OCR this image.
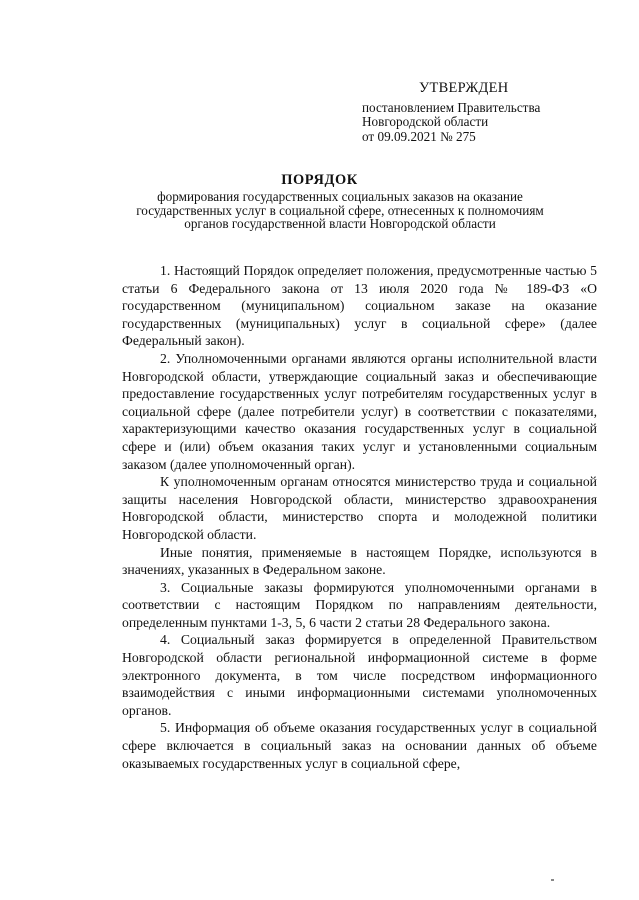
УТВЕРЖДЕН
постановлением Правительства
Новгородской области
от 09.09.2021 № 275
ПОРЯДОК
формирования государственных социальных заказов на оказание
государственных услуг в социальной сфере, отнесенных к полномочиям
органов государственной власти Новгородской области

1. Настоящий Порядок определяет положения, предусмотренные частью 5 статьи 6 Федерального закона от 13 июля 2020 года № 189-ФЗ «О государственном (муниципальном) социальном заказе на оказание государственных (муниципальных) услуг в социальной сфере» (далее Федеральный закон).

2. Уполномоченными органами являются органы исполнительной власти Новгородской области, утверждающие социальный заказ и обеспечивающие предоставление государственных услуг потребителям государственных услуг в социальной сфере (далее потребители услуг) в соответствии с показателями, характеризующими качество оказания государственных услуг в социальной сфере и (или) объем оказания таких услуг и установленными социальным заказом (далее уполномоченный орган).

К уполномоченным органам относятся министерство труда и социальной защиты населения Новгородской области, министерство здравоохранения Новгородской области, министерство спорта и молодежной политики Новгородской области.

Иные понятия, применяемые в настоящем Порядке, используются в значениях, указанных в Федеральном законе.

3. Социальные заказы формируются уполномоченными органами в соответствии с настоящим Порядком по направлениям деятельности, определенным пунктами 1-3, 5, 6 части 2 статьи 28 Федерального закона.

4. Социальный заказ формируется в определенной Правительством Новгородской области региональной информационной системе в форме электронного документа, в том числе посредством информационного взаимодействия с иными информационными системами уполномоченных органов.

5. Информация об объеме оказания государственных услуг в социальной сфере включается в социальный заказ на основании данных об объеме оказываемых государственных услуг в социальной сфере,
